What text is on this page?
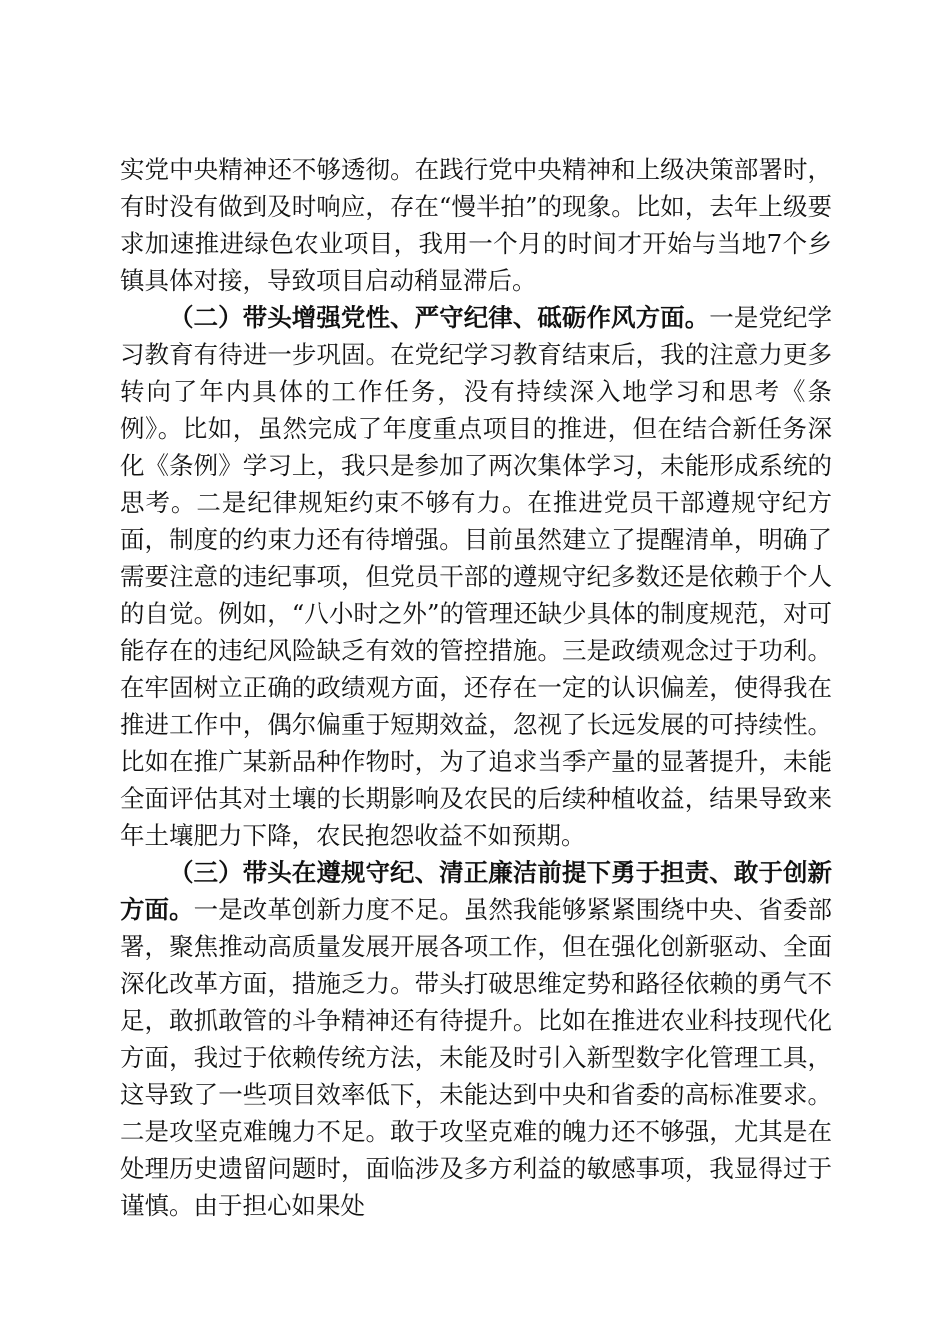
实党中央精神还不够透彻。在践行党中央精神和上级决策部署时，有时没有做到及时响应，存在“慢半拍”的现象。比如，去年上级要求加速推进绿色农业项目，我用一个月的时间才开始与当地7个乡镇具体对接，导致项目启动稍显滞后。

（二）带头增强党性、严守纪律、砥砺作风方面。一是党纪学习教育有待进一步巩固。在党纪学习教育结束后，我的注意力更多转向了年内具体的工作任务，没有持续深入地学习和思考《条例》。比如，虽然完成了年度重点项目的推进，但在结合新任务深化《条例》学习上，我只是参加了两次集体学习，未能形成系统的思考。二是纪律规矩约束不够有力。在推进党员干部遵规守纪方面，制度的约束力还有待增强。目前虽然建立了提醒清单，明确了需要注意的违纪事项，但党员干部的遵规守纪多数还是依赖于个人的自觉。例如，“八小时之外”的管理还缺少具体的制度规范，对可能存在的违纪风险缺乏有效的管控措施。三是政绩观念过于功利。在牢固树立正确的政绩观方面，还存在一定的认识偏差，使得我在推进工作中，偶尔偏重于短期效益，忽视了长远发展的可持续性。比如在推广某新品种作物时，为了追求当季产量的显著提升，未能全面评估其对土壤的长期影响及农民的后续种植收益，结果导致来年土壤肥力下降，农民抱怨收益不如预期。

（三）带头在遵规守纪、清正廉洁前提下勇于担责、敢于创新方面。一是改革创新力度不足。虽然我能够紧紧围绕中央、省委部署，聚焦推动高质量发展开展各项工作，但在强化创新驱动、全面深化改革方面，措施乏力。带头打破思维定势和路径依赖的勇气不足，敢抓敢管的斗争精神还有待提升。比如在推进农业科技现代化方面，我过于依赖传统方法，未能及时引入新型数字化管理工具，这导致了一些项目效率低下，未能达到中央和省委的高标准要求。二是攻坚克难魄力不足。敢于攻坚克难的魄力还不够强，尤其是在处理历史遗留问题时，面临涉及多方利益的敏感事项，我显得过于谨慎。由于担心如果处
